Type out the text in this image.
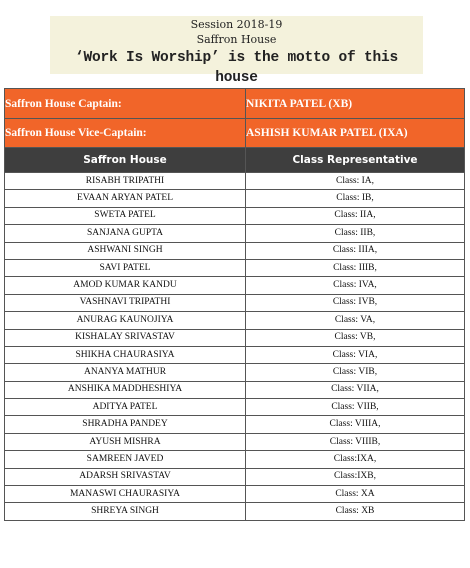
Session 2018-19
Saffron House
‘Work Is Worship’ is the motto of this house
Saffron House Captain:	NIKITA PATEL (XB)
Saffron House Vice-Captain:	ASHISH KUMAR PATEL (IXA)
Saffron House	Class Representative
RISABH TRIPATHI	Class: IA,
EVAAN ARYAN PATEL	Class: IB,
SWETA PATEL	Class: IIA,
SANJANA GUPTA	Class: IIB,
ASHWANI SINGH	Class: IIIA,
SAVI PATEL	Class: IIIB,
AMOD KUMAR KANDU	Class: IVA,
VASHNAVI TRIPATHI	Class: IVB,
ANURAG KAUNOJIYA	Class: VA,
KISHALAY SRIVASTAV	Class: VB,
SHIKHA CHAURASIYA	Class: VIA,
ANANYA MATHUR	Class: VIB,
ANSHIKA MADDHESHIYA	Class: VIIA,
ADITYA PATEL	Class: VIIB,
SHRADHA PANDEY	Class: VIIIA,
AYUSH MISHRA	Class: VIIIB,
SAMREEN JAVED	Class:IXA,
ADARSH SRIVASTAV	Class:IXB,
MANASWI CHAURASIYA	Class: XA
SHREYA SINGH	Class: XB
